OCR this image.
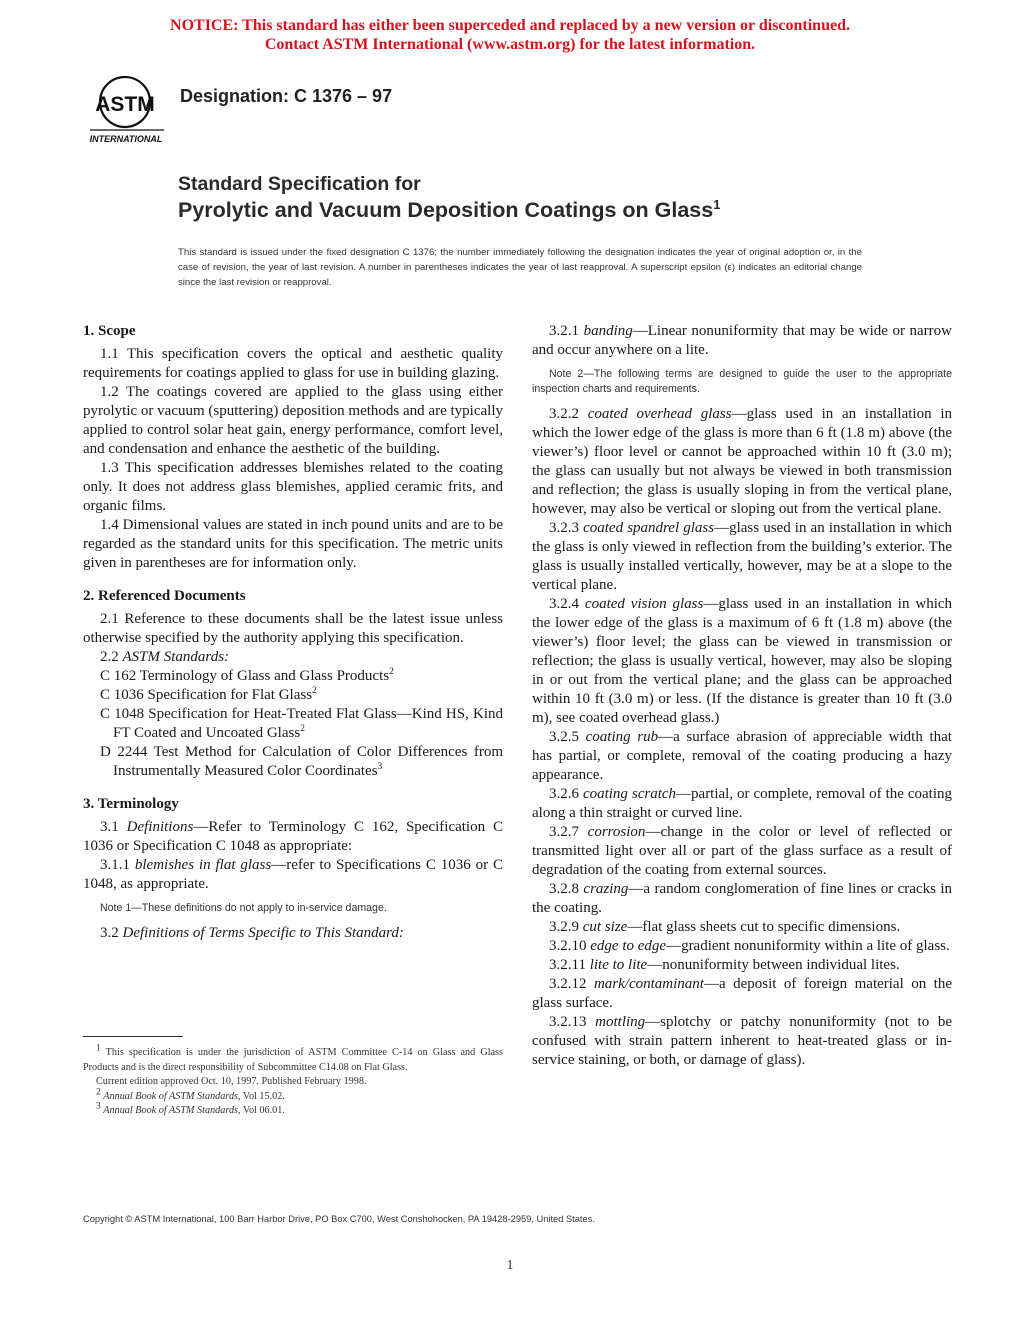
NOTICE: This standard has either been superceded and replaced by a new version or discontinued.
Contact ASTM International (www.astm.org) for the latest information.
ASTM
INTERNATIONAL
Designation: C 1376 – 97
Standard Specification for
Pyrolytic and Vacuum Deposition Coatings on Glass$^1$
This standard is issued under the fixed designation C 1376; the number immediately following the designation indicates the year of original adoption or, in the case of revision, the year of last revision. A number in parentheses indicates the year of last reapproval. A superscript epsilon (ε) indicates an editorial change since the last revision or reapproval.
1. Scope

1.1 This specification covers the optical and aesthetic quality requirements for coatings applied to glass for use in building glazing.

1.2 The coatings covered are applied to the glass using either pyrolytic or vacuum (sputtering) deposition methods and are typically applied to control solar heat gain, energy performance, comfort level, and condensation and enhance the aesthetic of the building.

1.3 This specification addresses blemishes related to the coating only. It does not address glass blemishes, applied ceramic frits, and organic films.

1.4 Dimensional values are stated in inch pound units and are to be regarded as the standard units for this specification. The metric units given in parentheses are for information only.

2. Referenced Documents

2.1 Reference to these documents shall be the latest issue unless otherwise specified by the authority applying this specification.

2.2 ASTM Standards:

C 162 Terminology of Glass and Glass Products$^2$

C 1036 Specification for Flat Glass$^2$

C 1048 Specification for Heat-Treated Flat Glass—Kind HS, Kind FT Coated and Uncoated Glass$^2$

D 2244 Test Method for Calculation of Color Differences from Instrumentally Measured Color Coordinates$^3$

3. Terminology

3.1 Definitions—Refer to Terminology C 162, Specification C 1036 or Specification C 1048 as appropriate:

3.1.1 blemishes in flat glass—refer to Specifications C 1036 or C 1048, as appropriate.

Note 1—These definitions do not apply to in-service damage.

3.2 Definitions of Terms Specific to This Standard:

3.2.1 banding—Linear nonuniformity that may be wide or narrow and occur anywhere on a lite.

Note 2—The following terms are designed to guide the user to the appropriate inspection charts and requirements.

3.2.2 coated overhead glass—glass used in an installation in which the lower edge of the glass is more than 6 ft (1.8 m) above (the viewer’s) floor level or cannot be approached within 10 ft (3.0 m); the glass can usually but not always be viewed in both transmission and reflection; the glass is usually sloping in from the vertical plane, however, may also be vertical or sloping out from the vertical plane.

3.2.3 coated spandrel glass—glass used in an installation in which the glass is only viewed in reflection from the building’s exterior. The glass is usually installed vertically, however, may be at a slope to the vertical plane.

3.2.4 coated vision glass—glass used in an installation in which the lower edge of the glass is a maximum of 6 ft (1.8 m) above (the viewer’s) floor level; the glass can be viewed in transmission or reflection; the glass is usually vertical, however, may also be sloping in or out from the vertical plane; and the glass can be approached within 10 ft (3.0 m) or less. (If the distance is greater than 10 ft (3.0 m), see coated overhead glass.)

3.2.5 coating rub—a surface abrasion of appreciable width that has partial, or complete, removal of the coating producing a hazy appearance.

3.2.6 coating scratch—partial, or complete, removal of the coating along a thin straight or curved line.

3.2.7 corrosion—change in the color or level of reflected or transmitted light over all or part of the glass surface as a result of degradation of the coating from external sources.

3.2.8 crazing—a random conglomeration of fine lines or cracks in the coating.

3.2.9 cut size—flat glass sheets cut to specific dimensions.

3.2.10 edge to edge—gradient nonuniformity within a lite of glass.

3.2.11 lite to lite—nonuniformity between individual lites.

3.2.12 mark/contaminant—a deposit of foreign material on the glass surface.

3.2.13 mottling—splotchy or patchy nonuniformity (not to be confused with strain pattern inherent to heat-treated glass or in-service staining, or both, or damage of glass).

$^1$ This specification is under the jurisdiction of ASTM Committee C-14 on Glass and Glass Products and is the direct responsibility of Subcommittee C14.08 on Flat Glass.

Current edition approved Oct. 10, 1997. Published February 1998.

$^2$ Annual Book of ASTM Standards, Vol 15.02.

$^3$ Annual Book of ASTM Standards, Vol 06.01.

Copyright © ASTM International, 100 Barr Harbor Drive, PO Box C700, West Conshohocken, PA 19428-2959, United States.
1
